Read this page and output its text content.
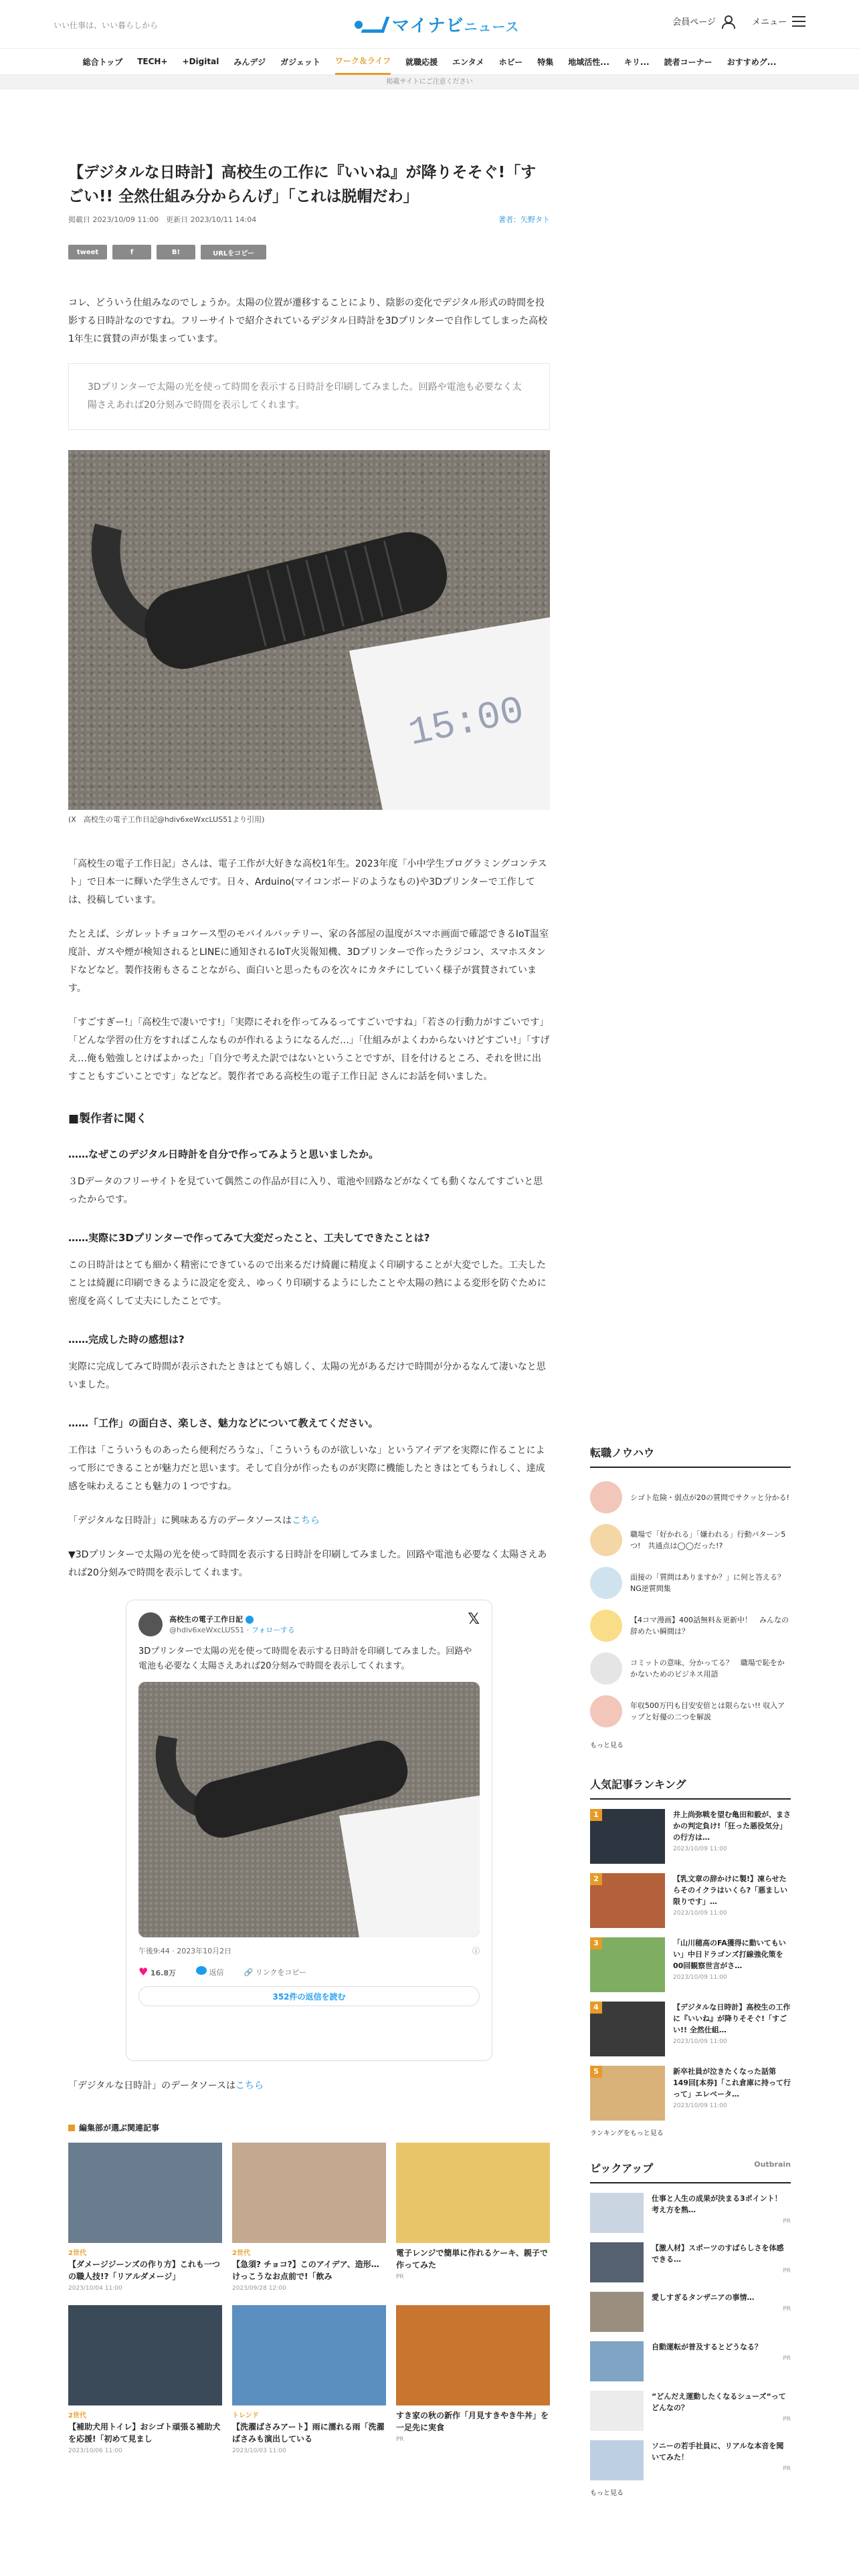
いい仕事は、いい暮らしから	マイナビニュース	会員ページ	メニュー
総合トップ TECH+ +Digital みんデジ ガジェット ワーク＆ライフ 就職応援 エンタメ ホビー 特集 地域活性... キリ... 読者コーナー おすすめグ...
掲載サイトにご注意ください
【デジタルな日時計】高校生の工作に『いいね』が降りそそぐ!「すごい!! 全然仕組み分からんげ」「これは脱帽だわ」
掲載日 2023/10/09 11:00　 更新日 2023/10/11 14:04	著者：矢野タト
tweet	f	B!	URLをコピー

コレ、どういう仕組みなのでしょうか。太陽の位置が遷移することにより、陰影の変化でデジタル形式の時間を投影する日時計なのですね。フリーサイトで紹介されているデジタル日時計を3Dプリンターで自作してしまった高校1年生に賞賛の声が集まっています。

3Dプリンターで太陽の光を使って時間を表示する日時計を印刷してみました。回路や電池も必要なく太陽さえあれば20分刻みで時間を表示してくれます。
15:00
(X　高校生の電子工作日記@hdiv6xeWxcLUS51より引用)

「高校生の電子工作日記」さんは、電子工作が大好きな高校1年生。2023年度「小中学生プログラミングコンテスト」で日本一に輝いた学生さんです。日々、Arduino(マイコンボードのようなもの)や3Dプリンターで工作しては、投稿しています。

たとえば、シガレットチョコケース型のモバイルバッテリー、家の各部屋の温度がスマホ画面で確認できるIoT温室度計、ガスや煙が検知されるとLINEに通知されるIoT火災報知機、3Dプリンターで作ったラジコン、スマホスタンドなどなど。製作技術もさることながら、面白いと思ったものを次々にカタチにしていく様子が賞賛されています。

「すごすぎー!」「高校生で凄いです!」「実際にそれを作ってみるってすごいですね」「若さの行動力がすごいです」「どんな学習の仕方をすればこんなものが作れるようになるんだ…」「仕組みがよくわからないけどすごい!」「すげえ…俺も勉強しとけばよかった」「自分で考えた訳ではないということですが、目を付けるところ、それを世に出すこともすごいことです」などなど。製作者である高校生の電子工作日記 さんにお話を伺いました。

■製作者に聞く
……なぜこのデジタル日時計を自分で作ってみようと思いましたか。

３Dデータのフリーサイトを見ていて偶然この作品が目に入り、電池や回路などがなくても動くなんてすごいと思ったからです。

……実際に3Dプリンターで作ってみて大変だったこと、工夫してできたことは?

この日時計はとても細かく精密にできているので出来るだけ綺麗に精度よく印刷することが大変でした。工夫したことは綺麗に印刷できるように設定を変え、ゆっくり印刷するようにしたことや太陽の熱による変形を防ぐために密度を高くして丈夫にしたことです。

……完成した時の感想は?

実際に完成してみて時間が表示されたときはとても嬉しく、太陽の光があるだけで時間が分かるなんて凄いなと思いました。

……「工作」の面白さ、楽しさ、魅力などについて教えてください。

工作は「こういうものあったら便利だろうな」、「こういうものが欲しいな」というアイデアを実際に作ることによって形にできることが魅力だと思います。そして自分が作ったものが実際に機能したときはとてもうれしく、達成感を味わえることも魅力の１つですね。

「デジタルな日時計」に興味ある方のデータソースはこちら

▼3Dプリンターで太陽の光を使って時間を表示する日時計を印刷してみました。回路や電池も必要なく太陽さえあれば20分刻みで時間を表示してくれます。

高校生の電子工作日記
@hdiv6xeWxcLUS51 · フォローする
𝕏
3Dプリンターで太陽の光を使って時間を表示する日時計を印刷してみました。回路や電池も必要なく太陽さえあれば20分刻みで時間を表示してくれます。
午後9:44 · 2023年10月2日	ⓘ
♥ 16.8万	返信	🔗 リンクをコピー
352件の返信を読む

「デジタルな日時計」のデータソースはこちら

編集部が選ぶ関連記事
2世代
【ダメージジーンズの作り方】これも一つの職人技!?「リアルダメージ」
2023/10/04 11:00
2世代
【急須? チョコ?】このアイデア、造形…けっこうなお点前で!「飲み
2023/09/28 12:00
電子レンジで簡単に作れるケーキ、親子で作ってみた
PR
2世代
【補助犬用トイレ】おシゴト頑張る補助犬を応援!「初めて見まし
2023/10/06 11:00
トレンド
【洗濯ばさみアート】雨に濡れる雨「洗濯ばさみも演出している
2023/10/03 11:00
すき家の秋の新作「月見すきやき牛丼」を一足先に実食
PR
転職ノウハウ
シゴト危険・弱点が20の質問でサクッと分かる!
職場で「好かれる」「嫌われる」行動パターン5つ!　共通点は◯◯だった!?
面接の「質問はありますか？」に何と答える？　NG逆質問集
【4コマ漫画】400話無料＆更新中！　みんなの辞めたい瞬間は？
コミットの意味、分かってる？　職場で恥をかかないためのビジネス用語
年収500万円も目安安倍とは限らない!! 収入アップと好優の二つを解説
もっと見る
人気記事ランキング
1	井上尚弥戦を望む亀田和毅が、まさかの判定負け!「狂った悪役気分」の行方は…
2023/10/09 11:00
2	【乳文章の辞かけに製!】凍らせたらそのイクラはいくら?「悪ましい限りです」…
2023/10/09 11:00
3	「山川穂高のFA獲得に動いてもいい」中日ドラゴンズ打線強化策を00回観察世言がさ…
2023/10/09 11:00
4	【デジタルな日時計】高校生の工作に『いいね』が降りそそぐ!「すごい!! 全然仕組…
2023/10/09 11:00
5	新卒社員が泣きたくなった話第149回[本券]「これ倉庫に持って行って」エレベータ…
2023/10/09 11:00
ランキングをもっと見る
ピックアップ	Outbrain
仕事と人生の成果が決まる3ポイント！ 考え方を熟…
PR
【激人材】スポーツのすばらしさを体感できる…
PR
愛しすぎるタンザニアの事情…
PR
自動運転が普及するとどうなる？
PR
“どんだえ運動したくなるシューズ“ってどんなの？
PR
ソニーの若手社員に、リアルな本音を聞いてみた！
PR
もっと見る
